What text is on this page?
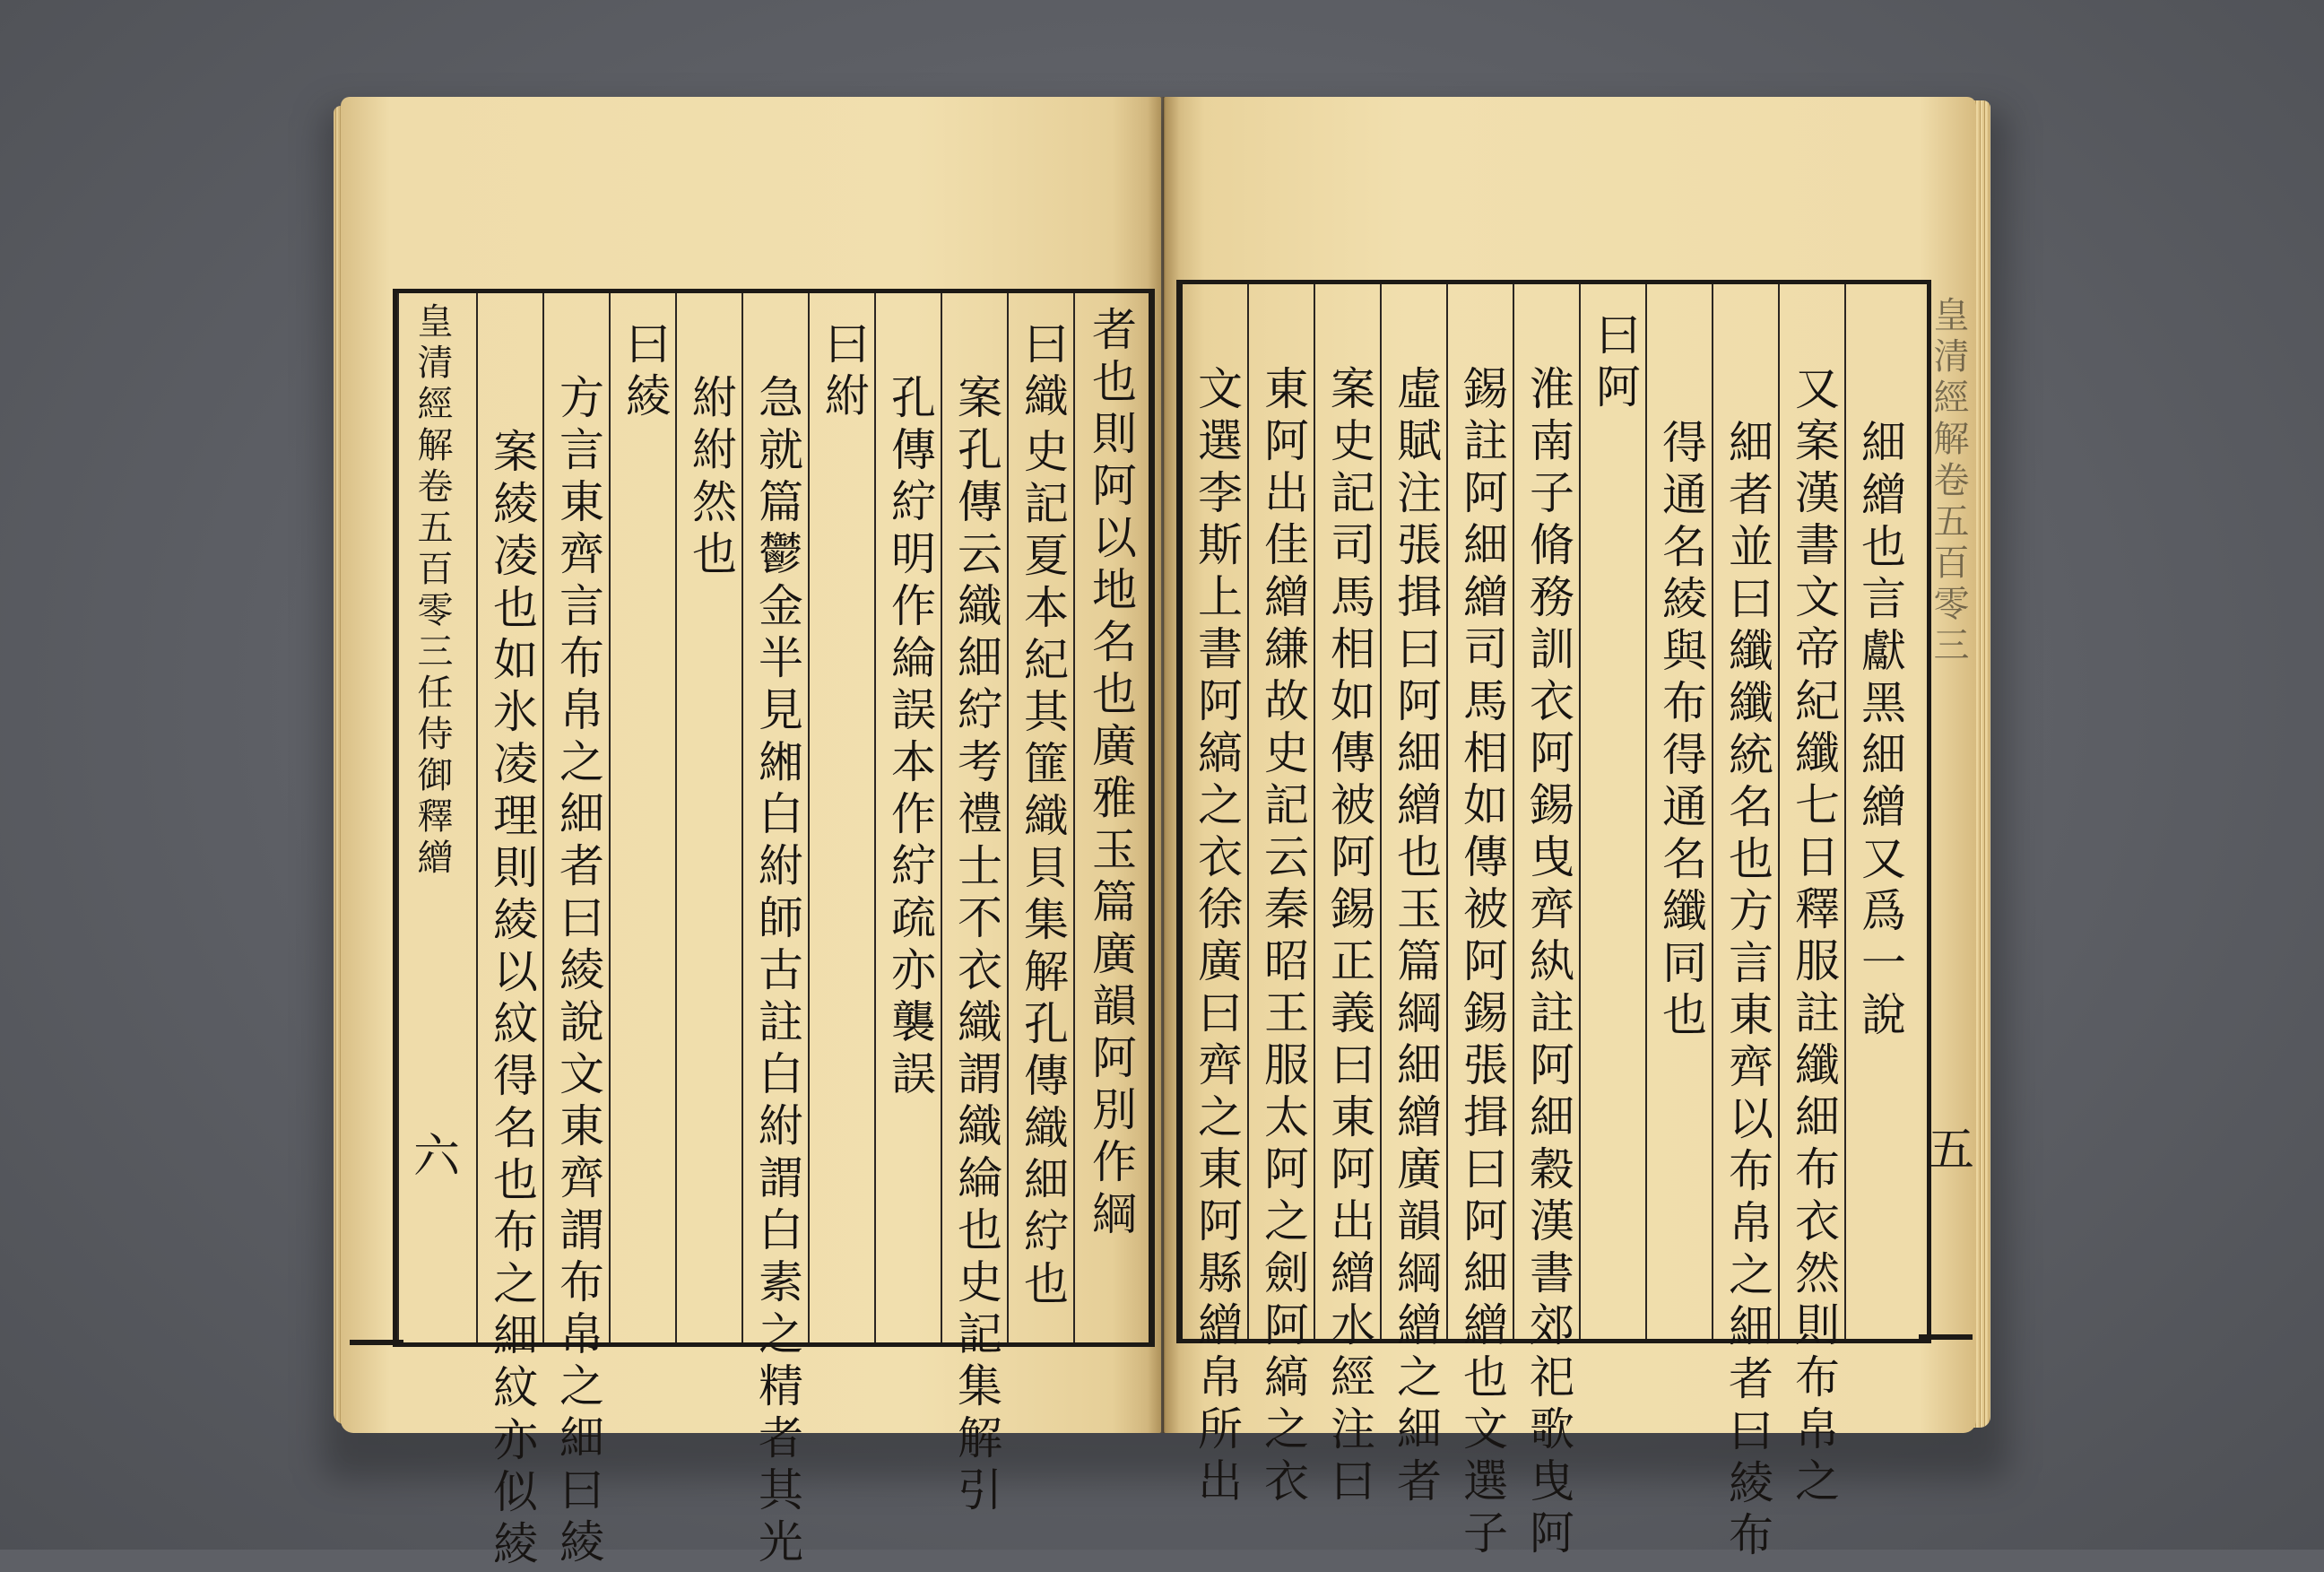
者也則阿以地名也廣雅玉篇廣韻阿別作綱
曰織
史記夏本紀其篚織貝集解孔傳織細紵也
案孔傳云織細紵考禮士不衣織謂織綸也史記集解引
孔傳紵明作綸誤本作紵疏亦襲誤
曰紨
急就篇鬱金半見緗白紨師古註白紨謂白素之精者其光
紨紨然也
曰綾
方言東齊言布帛之細者曰綾說文東齊謂布帛之細曰綾
案綾凌也如氷凌理則綾以紋得名也布之細紋亦似綾
皇清經解卷五百零三任侍御釋繒
六
細繒也言獻黑細繒又爲一說
又案漢書文帝紀纖七日釋服註纖細布衣然則布帛之
細者並曰纖纖統名也方言東齊以布帛之細者曰綾布
得通名綾與布得通名纖同也
曰阿
淮南子脩務訓衣阿錫曳齊紈註阿細穀漢書郊祀歌曳阿
錫註阿細繒司馬相如傳被阿錫張揖曰阿細繒也文選子
虛賦注張揖曰阿細繒也玉篇綱細繒廣韻綱繒之細者
案史記司馬相如傳被阿錫正義曰東阿出繒水經注曰
東阿出佳繒縑故史記云秦昭王服太阿之劍阿縞之衣
文選李斯上書阿縞之衣徐廣曰齊之東阿縣繒帛所出	皇清經解卷五百零三
五
